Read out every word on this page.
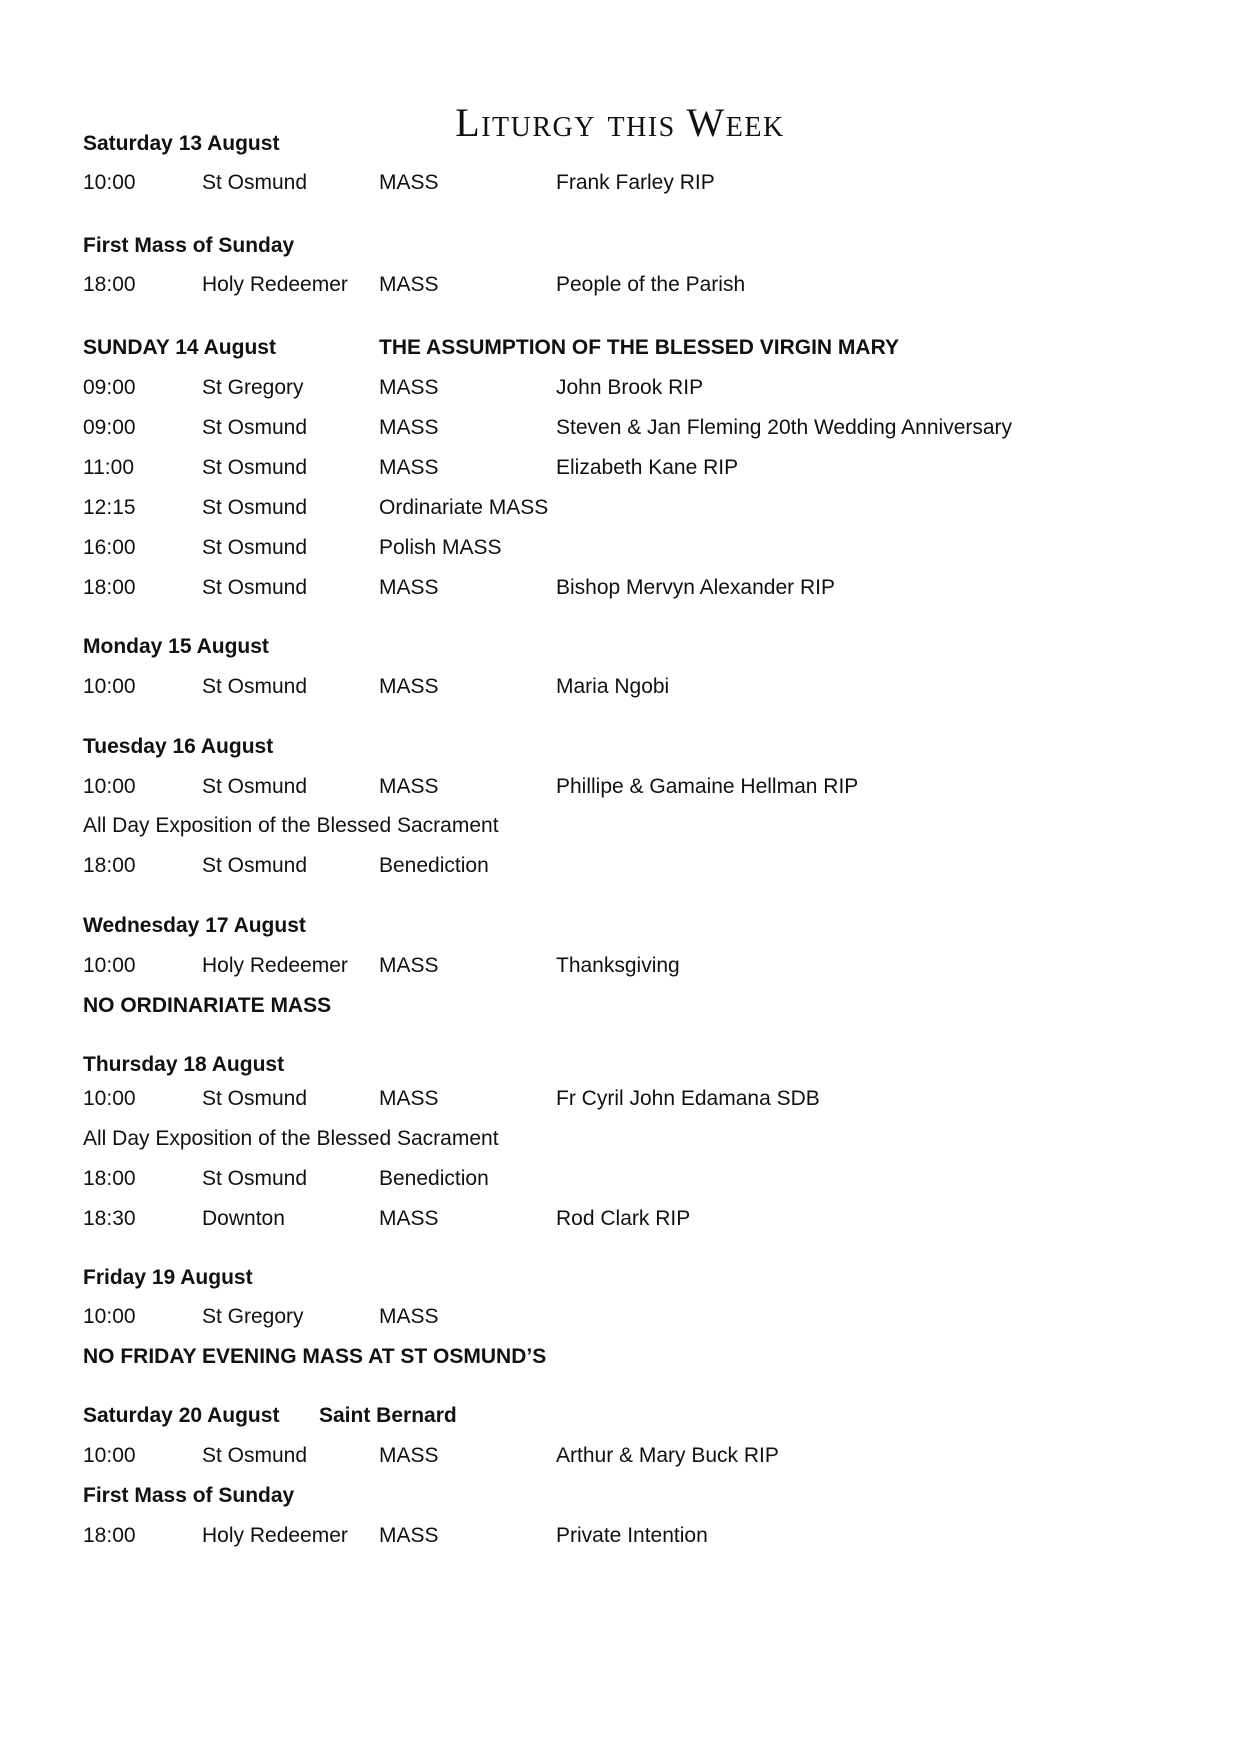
Liturgy this Week
Saturday 13 August
10:00	St Osmund	MASS	Frank Farley RIP
First Mass of Sunday
18:00	Holy Redeemer MASS	People of the Parish
SUNDAY 14 August	THE ASSUMPTION OF THE BLESSED VIRGIN MARY
09:00	St Gregory	MASS	John Brook RIP
09:00	St Osmund	MASS	Steven & Jan Fleming 20th Wedding Anniversary
11:00	St Osmund	MASS	Elizabeth Kane RIP
12:15	St Osmund	Ordinariate MASS
16:00	St Osmund	Polish MASS
18:00	St Osmund	MASS	Bishop Mervyn Alexander RIP
Monday 15 August
10:00	St Osmund	MASS	Maria Ngobi
Tuesday 16 August
10:00	St Osmund	MASS	Phillipe & Gamaine Hellman RIP
All Day Exposition of the Blessed Sacrament
18:00	St Osmund	Benediction
Wednesday 17 August
10:00	Holy Redeemer MASS	Thanksgiving
NO ORDINARIATE MASS
Thursday 18 August
10:00	St Osmund	MASS	Fr Cyril John Edamana SDB
All Day Exposition of the Blessed Sacrament
18:00	St Osmund	Benediction
18:30	Downton	MASS	Rod Clark RIP
Friday 19 August
10:00	St Gregory	MASS
NO FRIDAY EVENING MASS AT ST OSMUND’S
Saturday 20 August Saint Bernard
10:00	St Osmund	MASS	Arthur & Mary Buck RIP
First Mass of Sunday
18:00	Holy Redeemer MASS	Private Intention
